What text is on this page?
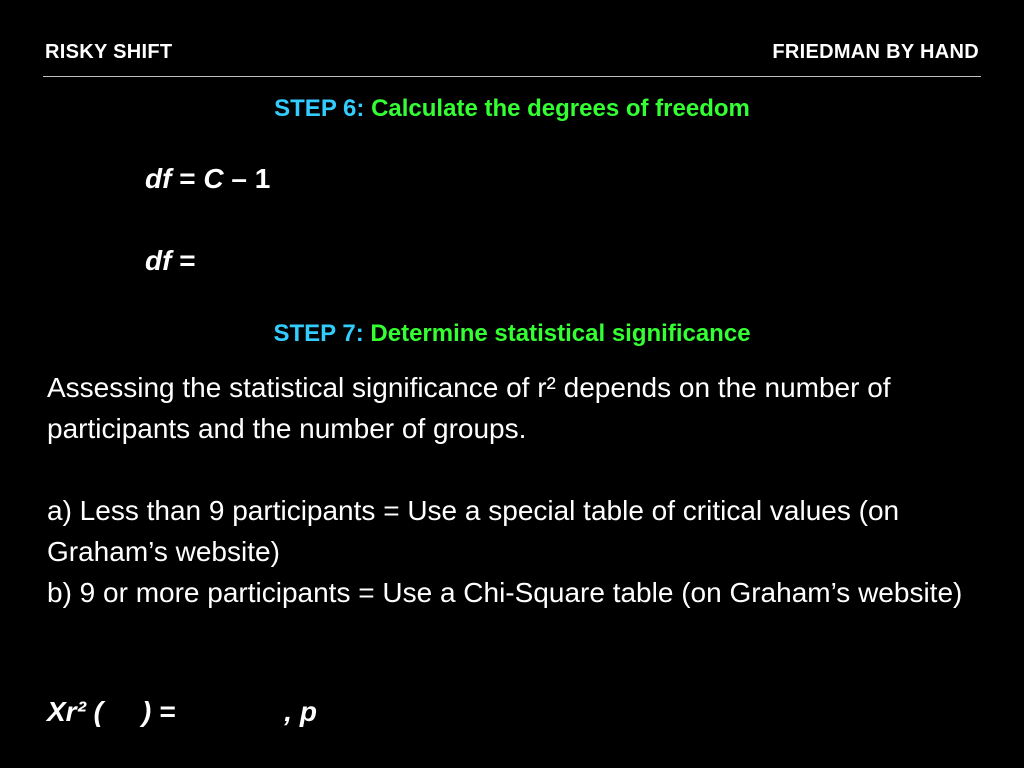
RISKY SHIFT	FRIEDMAN BY HAND
STEP 6: Calculate the degrees of freedom
df = C – 1
df =
STEP 7: Determine statistical significance
Assessing the statistical significance of r² depends on the number of participants and the number of groups.
a) Less than 9 participants = Use a special table of critical values (on Graham’s website)
b) 9 or more participants = Use a Chi-Square table (on Graham’s website)
Xr² (     ) =              , p
